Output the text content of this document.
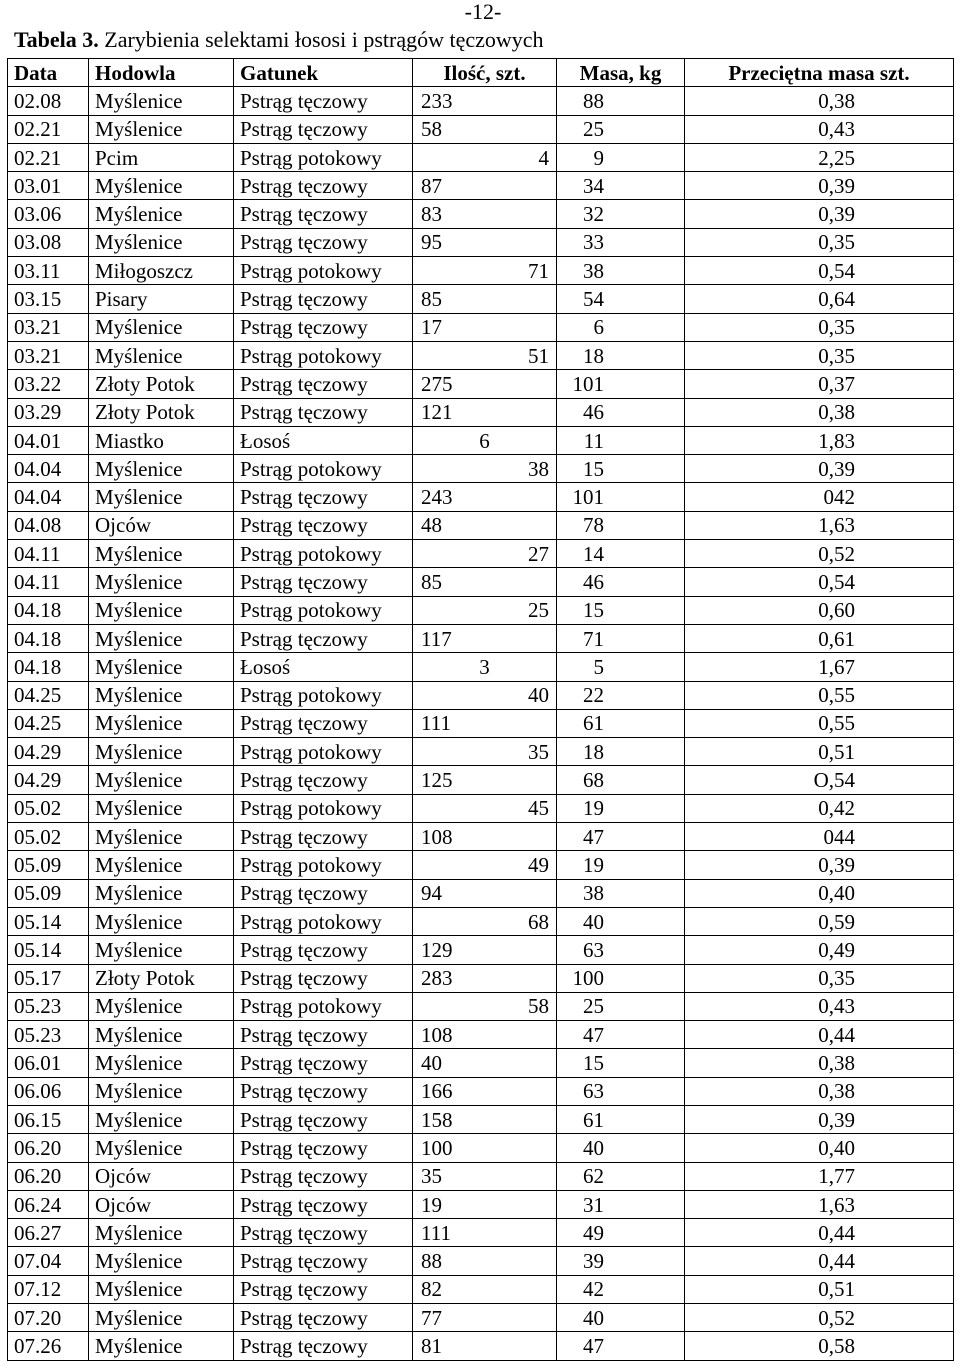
-12-
Tabela 3. Zarybienia selektami łososi i pstrągów tęczowych
Data	Hodowla	Gatunek	Ilość, szt.	Masa, kg	Przeciętna masa szt.
02.08	Myślenice	Pstrąg tęczowy	233	88	0,38
02.21	Myślenice	Pstrąg tęczowy	58	25	0,43
02.21	Pcim	Pstrąg potokowy	4	9	2,25
03.01	Myślenice	Pstrąg tęczowy	87	34	0,39
03.06	Myślenice	Pstrąg tęczowy	83	32	0,39
03.08	Myślenice	Pstrąg tęczowy	95	33	0,35
03.11	Miłogoszcz	Pstrąg potokowy	71	38	0,54
03.15	Pisary	Pstrąg tęczowy	85	54	0,64
03.21	Myślenice	Pstrąg tęczowy	17	6	0,35
03.21	Myślenice	Pstrąg potokowy	51	18	0,35
03.22	Złoty Potok	Pstrąg tęczowy	275	101	0,37
03.29	Złoty Potok	Pstrąg tęczowy	121	46	0,38
04.01	Miastko	Łosoś	6	11	1,83
04.04	Myślenice	Pstrąg potokowy	38	15	0,39
04.04	Myślenice	Pstrąg tęczowy	243	101	042
04.08	Ojców	Pstrąg tęczowy	48	78	1,63
04.11	Myślenice	Pstrąg potokowy	27	14	0,52
04.11	Myślenice	Pstrąg tęczowy	85	46	0,54
04.18	Myślenice	Pstrąg potokowy	25	15	0,60
04.18	Myślenice	Pstrąg tęczowy	117	71	0,61
04.18	Myślenice	Łosoś	3	5	1,67
04.25	Myślenice	Pstrąg potokowy	40	22	0,55
04.25	Myślenice	Pstrąg tęczowy	111	61	0,55
04.29	Myślenice	Pstrąg potokowy	35	18	0,51
04.29	Myślenice	Pstrąg tęczowy	125	68	O,54
05.02	Myślenice	Pstrąg potokowy	45	19	0,42
05.02	Myślenice	Pstrąg tęczowy	108	47	044
05.09	Myślenice	Pstrąg potokowy	49	19	0,39
05.09	Myślenice	Pstrąg tęczowy	94	38	0,40
05.14	Myślenice	Pstrąg potokowy	68	40	0,59
05.14	Myślenice	Pstrąg tęczowy	129	63	0,49
05.17	Złoty Potok	Pstrąg tęczowy	283	100	0,35
05.23	Myślenice	Pstrąg potokowy	58	25	0,43
05.23	Myślenice	Pstrąg tęczowy	108	47	0,44
06.01	Myślenice	Pstrąg tęczowy	40	15	0,38
06.06	Myślenice	Pstrąg tęczowy	166	63	0,38
06.15	Myślenice	Pstrąg tęczowy	158	61	0,39
06.20	Myślenice	Pstrąg tęczowy	100	40	0,40
06.20	Ojców	Pstrąg tęczowy	35	62	1,77
06.24	Ojców	Pstrąg tęczowy	19	31	1,63
06.27	Myślenice	Pstrąg tęczowy	111	49	0,44
07.04	Myślenice	Pstrąg tęczowy	88	39	0,44
07.12	Myślenice	Pstrąg tęczowy	82	42	0,51
07.20	Myślenice	Pstrąg tęczowy	77	40	0,52
07.26	Myślenice	Pstrąg tęczowy	81	47	0,58
